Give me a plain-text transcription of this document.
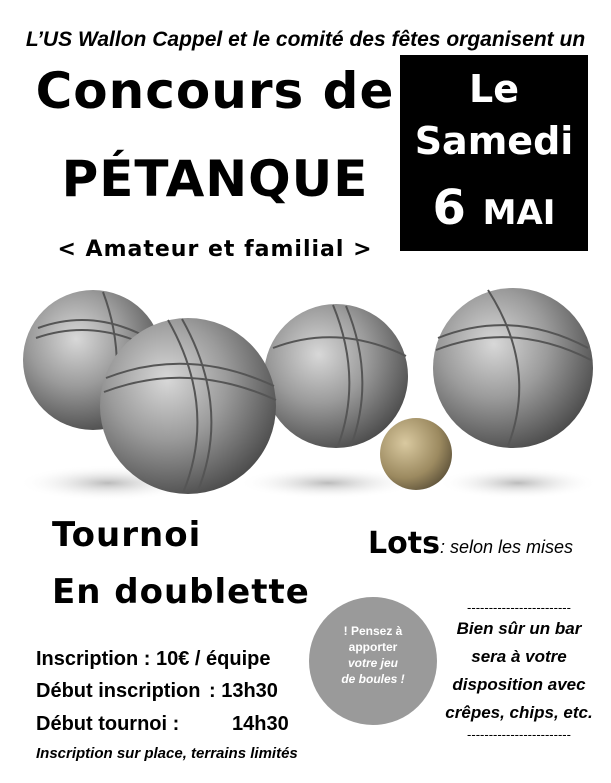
L’US Wallon Cappel et le comité des fêtes organisent un
Concours de
PÉTANQUE
< Amateur et familial >
Le
Samedi
6 MAI
Tournoi
En doublette
Lots: selon les mises
Inscription : 10€ / équipe
Début inscription : 13h30
Début tournoi :	14h30
Inscription sur place, terrains limités
! Pensez à
apporter
votre jeu
de boules !
------------------------
Bien sûr un bar
sera à votre
disposition avec
crêpes, chips, etc.
------------------------
